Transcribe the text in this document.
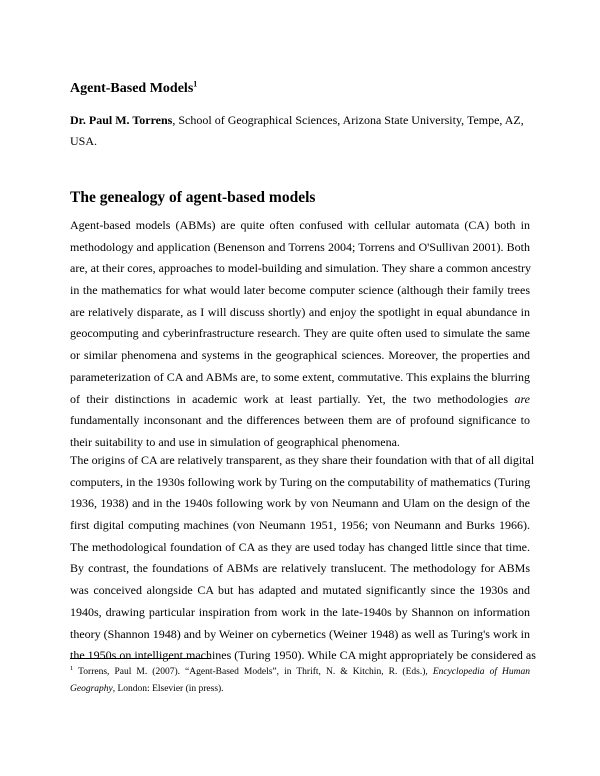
Agent-Based Models$^1$
Dr. Paul M. Torrens, School of Geographical Sciences, Arizona State University, Tempe, AZ,
USA.
The genealogy of agent-based models
Agent-based models (ABMs) are quite often confused with cellular automata (CA) both in
methodology and application (Benenson and Torrens 2004; Torrens and O'Sullivan 2001). Both
are, at their cores, approaches to model-building and simulation. They share a common ancestry
in the mathematics for what would later become computer science (although their family trees
are relatively disparate, as I will discuss shortly) and enjoy the spotlight in equal abundance in
geocomputing and cyberinfrastructure research. They are quite often used to simulate the same
or similar phenomena and systems in the geographical sciences. Moreover, the properties and
parameterization of CA and ABMs are, to some extent, commutative. This explains the blurring
of their distinctions in academic work at least partially. Yet, the two methodologies are
fundamentally inconsonant and the differences between them are of profound significance to
their suitability to and use in simulation of geographical phenomena.
The origins of CA are relatively transparent, as they share their foundation with that of all digital
computers, in the 1930s following work by Turing on the computability of mathematics (Turing
1936, 1938) and in the 1940s following work by von Neumann and Ulam on the design of the
first digital computing machines (von Neumann 1951, 1956; von Neumann and Burks 1966).
The methodological foundation of CA as they are used today has changed little since that time.
By contrast, the foundations of ABMs are relatively translucent. The methodology for ABMs
was conceived alongside CA but has adapted and mutated significantly since the 1930s and
1940s, drawing particular inspiration from work in the late-1940s by Shannon on information
theory (Shannon 1948) and by Weiner on cybernetics (Weiner 1948) as well as Turing's work in
the 1950s on intelligent machines (Turing 1950). While CA might appropriately be considered as
$^1$ Torrens, Paul M. (2007). “Agent-Based Models”, in Thrift, N. & Kitchin, R. (Eds.), Encyclopedia of Human
Geography, London: Elsevier (in press).
